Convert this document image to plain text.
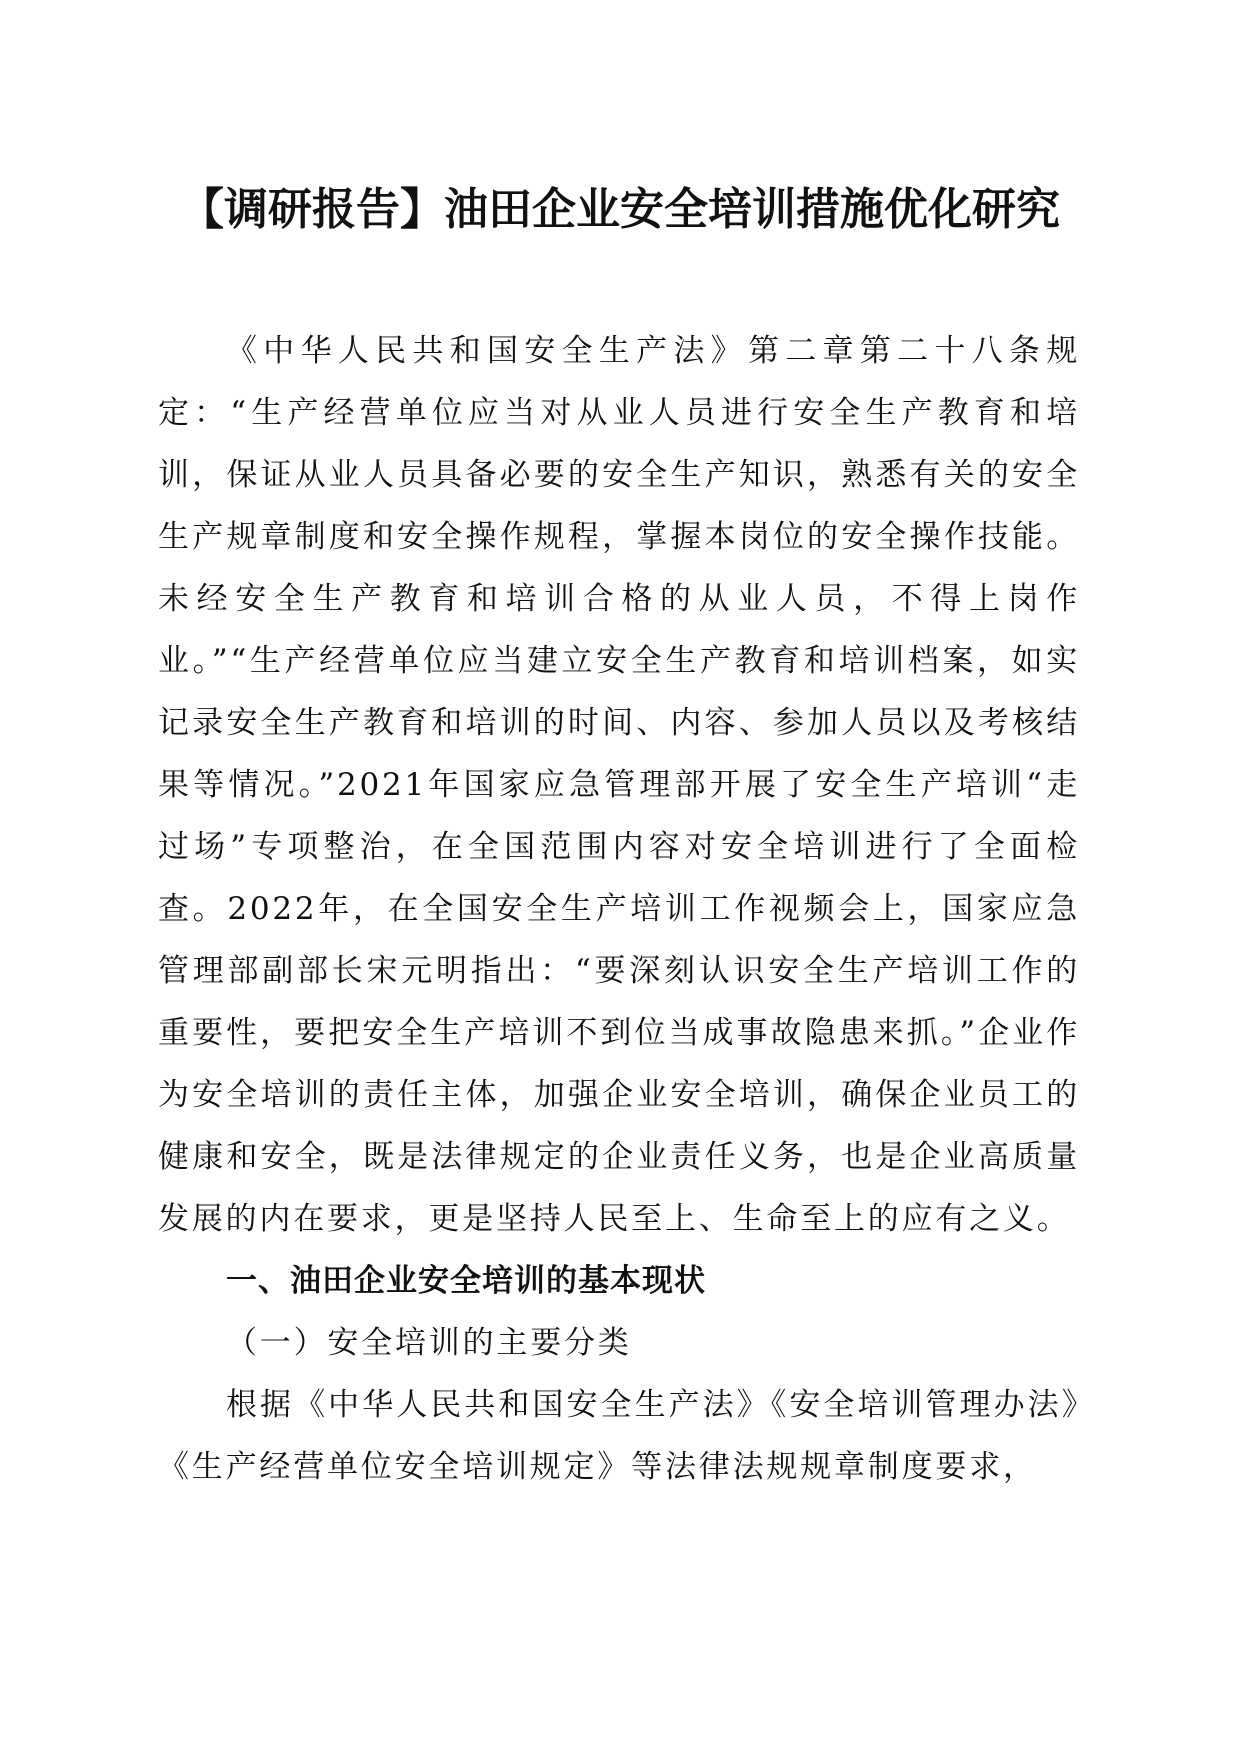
【调研报告】油田企业安全培训措施优化研究

《中华人民共和国安全生产法》第二章第二十八条规定：“生产经营单位应当对从业人员进行安全生产教育和培训，保证从业人员具备必要的安全生产知识，熟悉有关的安全生产规章制度和安全操作规程，掌握本岗位的安全操作技能。未经安全生产教育和培训合格的从业人员，不得上岗作业。”“生产经营单位应当建立安全生产教育和培训档案，如实记录安全生产教育和培训的时间、内容、参加人员以及考核结果等情况。”2021年国家应急管理部开展了安全生产培训“走过场”专项整治，在全国范围内容对安全培训进行了全面检查。2022年，在全国安全生产培训工作视频会上，国家应急管理部副部长宋元明指出：“要深刻认识安全生产培训工作的重要性，要把安全生产培训不到位当成事故隐患来抓。”企业作为安全培训的责任主体，加强企业安全培训，确保企业员工的健康和安全，既是法律规定的企业责任义务，也是企业高质量发展的内在要求，更是坚持人民至上、生命至上的应有之义。

一、油田企业安全培训的基本现状

（一）安全培训的主要分类

根据《中华人民共和国安全生产法》《安全培训管理办法》《生产经营单位安全培训规定》等法律法规规章制度要求，
